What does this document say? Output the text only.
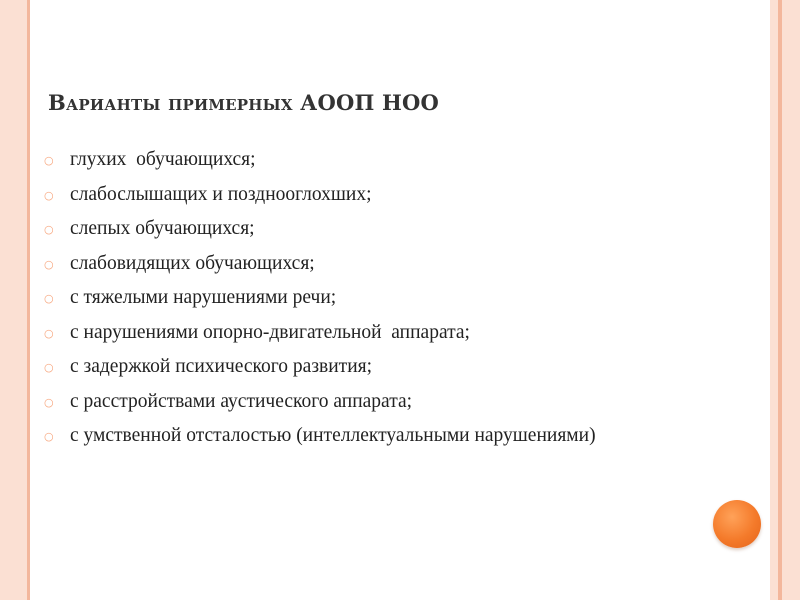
Варианты примерных АООП НОО
○ глухих  обучающихся;
○ слабослышащих и позднооглохших;
○ слепых обучающихся;
○ слабовидящих обучающихся;
○ с тяжелыми нарушениями речи;
○ с нарушениями опорно-двигательной  аппарата;
○ с задержкой психического развития;
○ с расстройствами аустического аппарата;
○ с умственной отсталостью (интеллектуальными нарушениями)
